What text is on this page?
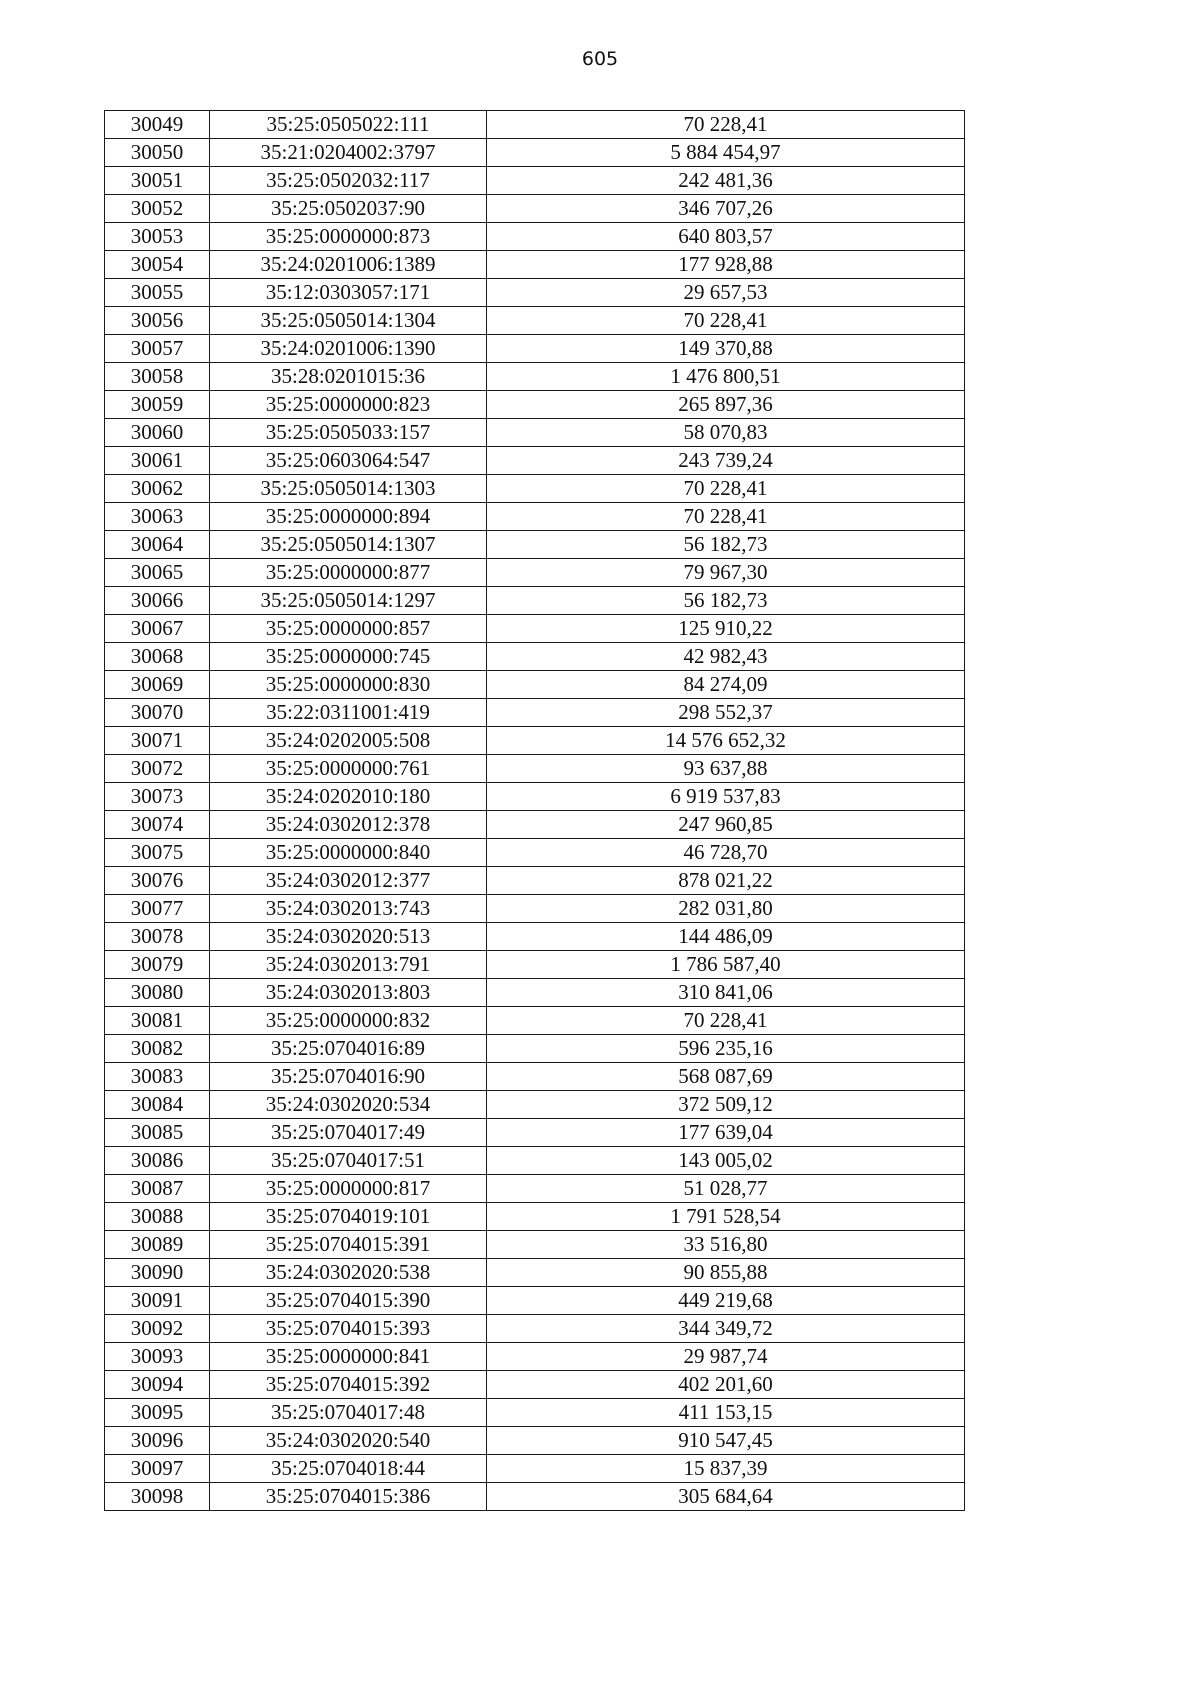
605
30049	35:25:0505022:111	70 228,41
30050	35:21:0204002:3797	5 884 454,97
30051	35:25:0502032:117	242 481,36
30052	35:25:0502037:90	346 707,26
30053	35:25:0000000:873	640 803,57
30054	35:24:0201006:1389	177 928,88
30055	35:12:0303057:171	29 657,53
30056	35:25:0505014:1304	70 228,41
30057	35:24:0201006:1390	149 370,88
30058	35:28:0201015:36	1 476 800,51
30059	35:25:0000000:823	265 897,36
30060	35:25:0505033:157	58 070,83
30061	35:25:0603064:547	243 739,24
30062	35:25:0505014:1303	70 228,41
30063	35:25:0000000:894	70 228,41
30064	35:25:0505014:1307	56 182,73
30065	35:25:0000000:877	79 967,30
30066	35:25:0505014:1297	56 182,73
30067	35:25:0000000:857	125 910,22
30068	35:25:0000000:745	42 982,43
30069	35:25:0000000:830	84 274,09
30070	35:22:0311001:419	298 552,37
30071	35:24:0202005:508	14 576 652,32
30072	35:25:0000000:761	93 637,88
30073	35:24:0202010:180	6 919 537,83
30074	35:24:0302012:378	247 960,85
30075	35:25:0000000:840	46 728,70
30076	35:24:0302012:377	878 021,22
30077	35:24:0302013:743	282 031,80
30078	35:24:0302020:513	144 486,09
30079	35:24:0302013:791	1 786 587,40
30080	35:24:0302013:803	310 841,06
30081	35:25:0000000:832	70 228,41
30082	35:25:0704016:89	596 235,16
30083	35:25:0704016:90	568 087,69
30084	35:24:0302020:534	372 509,12
30085	35:25:0704017:49	177 639,04
30086	35:25:0704017:51	143 005,02
30087	35:25:0000000:817	51 028,77
30088	35:25:0704019:101	1 791 528,54
30089	35:25:0704015:391	33 516,80
30090	35:24:0302020:538	90 855,88
30091	35:25:0704015:390	449 219,68
30092	35:25:0704015:393	344 349,72
30093	35:25:0000000:841	29 987,74
30094	35:25:0704015:392	402 201,60
30095	35:25:0704017:48	411 153,15
30096	35:24:0302020:540	910 547,45
30097	35:25:0704018:44	15 837,39
30098	35:25:0704015:386	305 684,64
